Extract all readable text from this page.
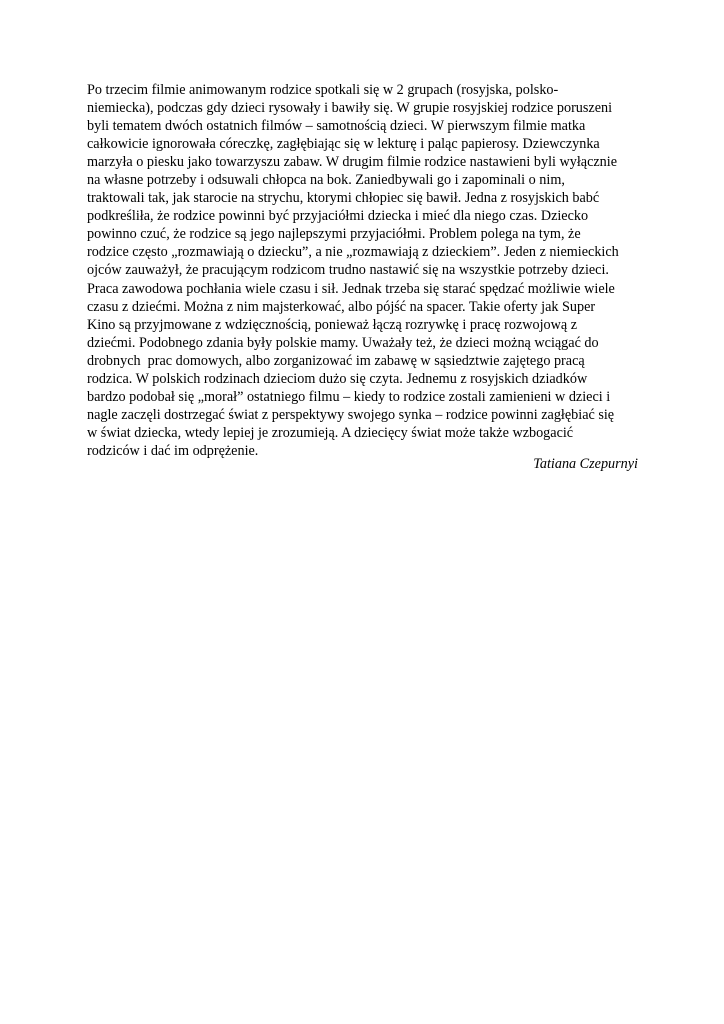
Po trzecim filmie animowanym rodzice spotkali się w 2 grupach (rosyjska, polsko-
niemiecka), podczas gdy dzieci rysowały i bawiły się. W grupie rosyjskiej rodzice poruszeni
byli tematem dwóch ostatnich filmów – samotnością dzieci. W pierwszym filmie matka
całkowicie ignorowała córeczkę, zagłębiając się w lekturę i paląc papierosy. Dziewczynka
marzyła o piesku jako towarzyszu zabaw. W drugim filmie rodzice nastawieni byli wyłącznie
na własne potrzeby i odsuwali chłopca na bok. Zaniedbywali go i zapominali o nim,
traktowali tak, jak starocie na strychu, ktorymi chłopiec się bawił. Jedna z rosyjskich babć
podkreśliła, że rodzice powinni być przyjaciółmi dziecka i mieć dla niego czas. Dziecko
powinno czuć, że rodzice są jego najlepszymi przyjaciółmi. Problem polega na tym, że
rodzice często „rozmawiają o dziecku”, a nie „rozmawiają z dzieckiem”. Jeden z niemieckich
ojców zauważył, że pracującym rodzicom trudno nastawić się na wszystkie potrzeby dzieci.
Praca zawodowa pochłania wiele czasu i sił. Jednak trzeba się starać spędzać możliwie wiele
czasu z dziećmi. Można z nim majsterkować, albo pójść na spacer. Takie oferty jak Super
Kino są przyjmowane z wdzięcznością, ponieważ łączą rozrywkę i pracę rozwojową z
dziećmi. Podobnego zdania były polskie mamy. Uważały też, że dzieci możną wciągać do
drobnych  prac domowych, albo zorganizować im zabawę w sąsiedztwie zajętego pracą
rodzica. W polskich rodzinach dzieciom dużo się czyta. Jednemu z rosyjskich dziadków
bardzo podobał się „morał” ostatniego filmu – kiedy to rodzice zostali zamienieni w dzieci i
nagle zaczęli dostrzegać świat z perspektywy swojego synka – rodzice powinni zagłębiać się
w świat dziecka, wtedy lepiej je zrozumieją. A dziecięcy świat może także wzbogacić
rodziców i dać im odprężenie.
Tatiana Czepurnyi
